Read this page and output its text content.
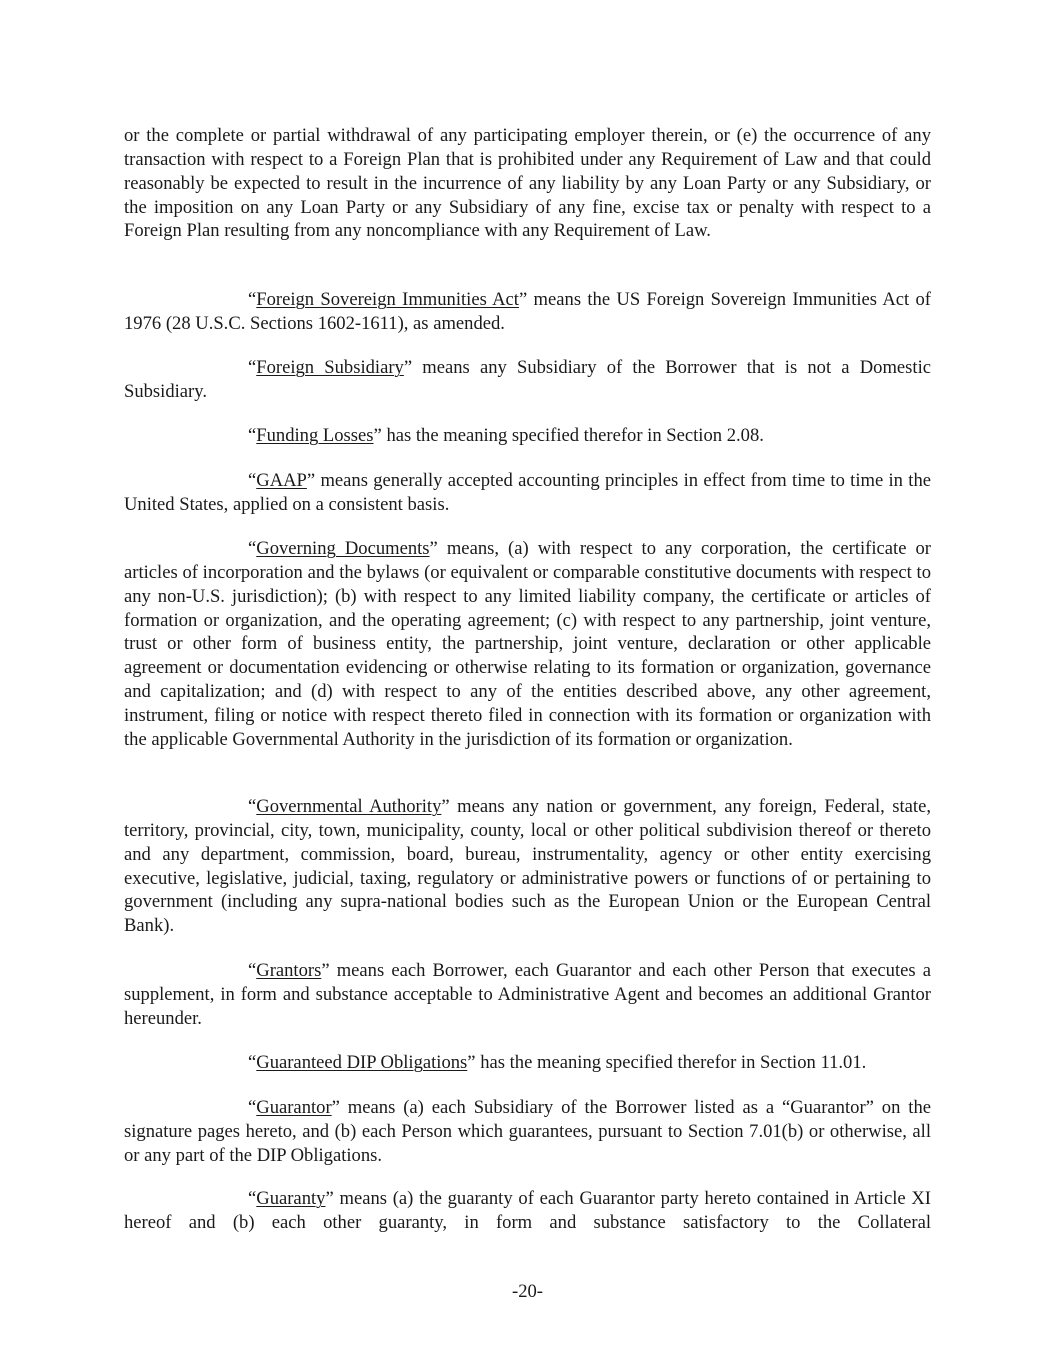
or the complete or partial withdrawal of any participating employer therein, or (e) the occurrence of any transaction with respect to a Foreign Plan that is prohibited under any Requirement of Law and that could reasonably be expected to result in the incurrence of any liability by any Loan Party or any Subsidiary, or the imposition on any Loan Party or any Subsidiary of any fine, excise tax or penalty with respect to a Foreign Plan resulting from any noncompliance with any Requirement of Law.

“Foreign Sovereign Immunities Act” means the US Foreign Sovereign Immunities Act of 1976 (28 U.S.C. Sections 1602-1611), as amended.

“Foreign Subsidiary” means any Subsidiary of the Borrower that is not a Domestic Subsidiary.

“Funding Losses” has the meaning specified therefor in Section 2.08.

“GAAP” means generally accepted accounting principles in effect from time to time in the United States, applied on a consistent basis.

“Governing Documents” means, (a) with respect to any corporation, the certificate or articles of incorporation and the bylaws (or equivalent or comparable constitutive documents with respect to any non-U.S. jurisdiction); (b) with respect to any limited liability company, the certificate or articles of formation or organization, and the operating agreement; (c) with respect to any partnership, joint venture, trust or other form of business entity, the partnership, joint venture, declaration or other applicable agreement or documentation evidencing or otherwise relating to its formation or organization, governance and capitalization; and (d) with respect to any of the entities described above, any other agreement, instrument, filing or notice with respect thereto filed in connection with its formation or organization with the applicable Governmental Authority in the jurisdiction of its formation or organization.

“Governmental Authority” means any nation or government, any foreign, Federal, state, territory, provincial, city, town, municipality, county, local or other political subdivision thereof or thereto and any department, commission, board, bureau, instrumentality, agency or other entity exercising executive, legislative, judicial, taxing, regulatory or administrative powers or functions of or pertaining to government (including any supra-national bodies such as the European Union or the European Central Bank).

“Grantors” means each Borrower, each Guarantor and each other Person that executes a supplement, in form and substance acceptable to Administrative Agent and becomes an additional Grantor hereunder.

“Guaranteed DIP Obligations” has the meaning specified therefor in Section 11.01.

“Guarantor” means (a) each Subsidiary of the Borrower listed as a “Guarantor” on the signature pages hereto, and (b) each Person which guarantees, pursuant to Section 7.01(b) or otherwise, all or any part of the DIP Obligations.

“Guaranty” means (a) the guaranty of each Guarantor party hereto contained in Article XI hereof and (b) each other guaranty, in form and substance satisfactory to the Collateral

-20-
